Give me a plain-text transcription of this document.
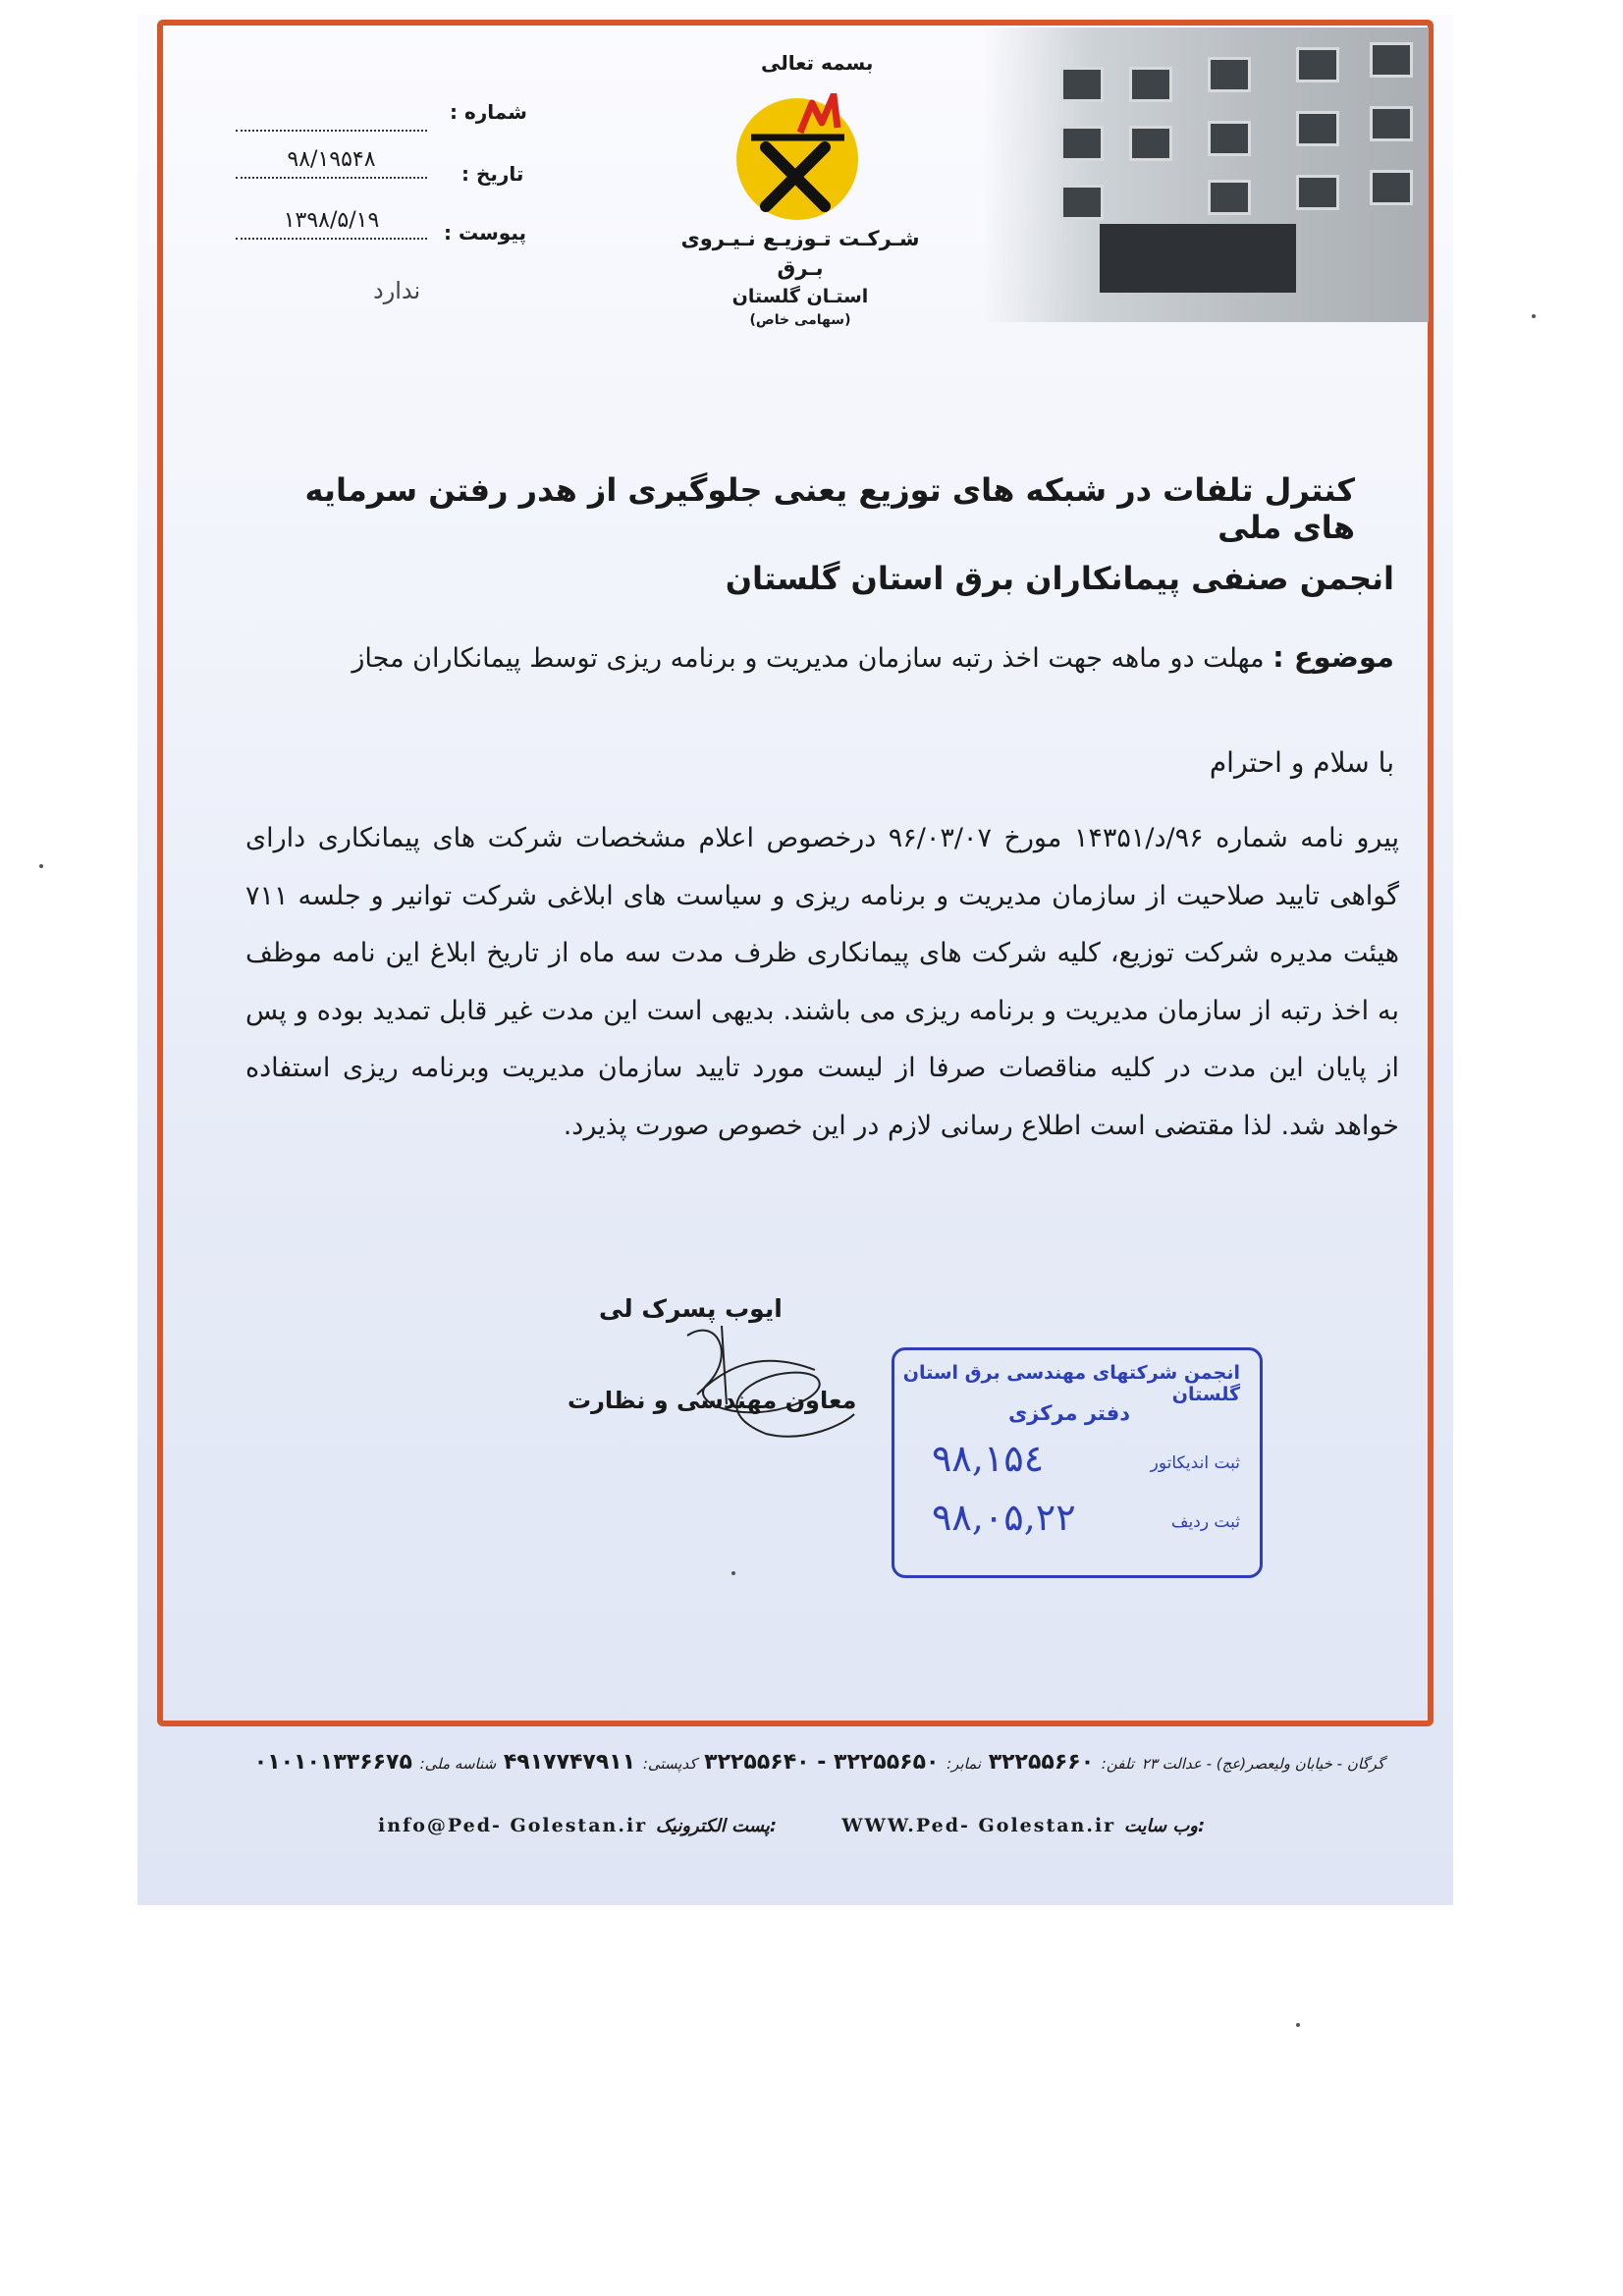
بسمه تعالی
شـرکـت تـوزیـع نـیـروی بـرق
استـان گلستان
(سهامی خاص)
شماره :
تاریخ :
۹۸/۱۹۵۴۸
پیوست :
۱۳۹۸/۵/۱۹
ندارد
کنترل تلفات در شبکه های توزیع یعنی جلوگیری از هدر رفتن سرمایه های ملی
انجمن صنفی پیمانکاران برق استان گلستان
موضوع : مهلت دو ماهه جهت اخذ رتبه سازمان مدیریت و برنامه ریزی توسط پیمانکاران مجاز
با سلام و احترام

پیرو نامه شماره ۹۶/د/۱۴۳۵۱ مورخ ۹۶/۰۳/۰۷ درخصوص اعلام مشخصات شرکت های پیمانکاری دارای گواهی تایید صلاحیت از سازمان مدیریت و برنامه ریزی و سیاست های ابلاغی شرکت توانیر و جلسه ۷۱۱ هیئت مدیره شرکت توزیع، کلیه شرکت های پیمانکاری ظرف مدت سه ماه از تاریخ ابلاغ این نامه موظف به اخذ رتبه از سازمان مدیریت و برنامه ریزی می باشند. بدیهی است این مدت غیر قابل تمدید بوده و پس از پایان این مدت در کلیه مناقصات صرفا از لیست مورد تایید سازمان مدیریت وبرنامه ریزی استفاده خواهد شد. لذا مقتضی است اطلاع رسانی لازم در این خصوص صورت پذیرد.

ایوب پسرک لی
معاون مهندسی و نظارت
انجمن شرکتهای مهندسی برق استان گلستان
دفتر مرکزی
ثبت اندیکاتور
۹۸,۱۵٤
ثبت ردیف
۹۸,۰۵,۲۲
گرگان - خیابان ولیعصر(عج) - عدالت ۲۳ تلفن: ۳۲۲۵۵۶۶۰ نمابر: ۳۲۲۵۵۶۵۰ - ۳۲۲۵۵۶۴۰ کدپستی: ۴۹۱۷۷۴۷۹۱۱ شناسه ملی: ۰۱۰۱۰۱۳۳۶۶۷۵
info@Ped- Golestan.ir پست الکترونیک:	WWW.Ped- Golestan.ir وب سایت:
